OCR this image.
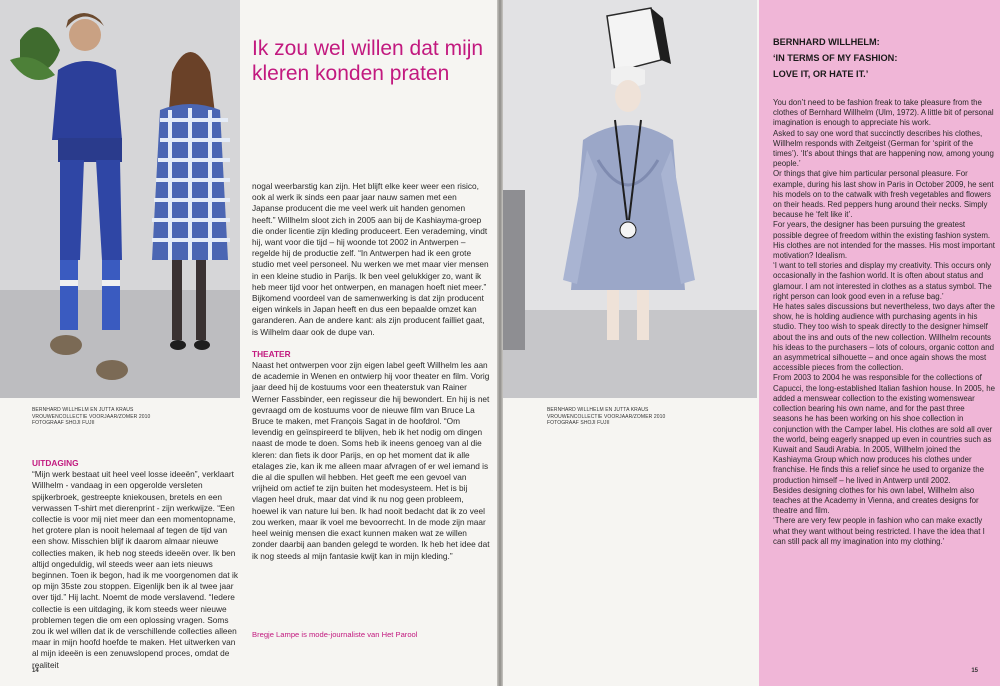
BERNHARD WILLHELM EN JUTTA KRAUS
VROUWENCOLLECTIE VOORJAAR/ZOMER 2010
FOTOGRAAF SHOJI FUJII
Ik zou wel willen dat mijn kleren konden praten
UITDAGING

“Mijn werk bestaat uit heel veel losse ideeën”, verklaart Willhelm - vandaag in een opgerolde versleten spijkerbroek, gestreepte kniekousen, bretels en een verwassen T-shirt met dierenprint - zijn werkwijze. “Een collectie is voor mij niet meer dan een momentopname, het grotere plan is nooit helemaal af tegen de tijd van een show. Misschien blijf ik daarom almaar nieuwe collecties maken, ik heb nog steeds ideeën over. Ik ben altijd ongeduldig, wil steeds weer aan iets nieuws beginnen. Toen ik begon, had ik me voorgenomen dat ik op mijn 35ste zou stoppen. Eigenlijk ben ik al twee jaar over tijd.” Hij lacht. Noemt de mode verslavend. “Iedere collectie is een uitdaging, ik kom steeds weer nieuwe problemen tegen die om een oplossing vragen. Soms zou ik wel willen dat ik de verschillende collecties alleen maar in mijn hoofd hoefde te maken. Het uitwerken van al mijn ideeën is een zenuwslopend proces, omdat de realiteit

nogal weerbarstig kan zijn. Het blijft elke keer weer een risico, ook al werk ik sinds een paar jaar nauw samen met een Japanse producent die me veel werk uit handen genomen heeft.” Willhelm sloot zich in 2005 aan bij de Kashiayma-groep die onder licentie zijn kleding produceert. Een verademing, vindt hij, want voor die tijd – hij woonde tot 2002 in Antwerpen – regelde hij de productie zelf. “In Antwerpen had ik een grote studio met veel personeel. Nu werken we met maar vier mensen in een kleine studio in Parijs. Ik ben veel gelukkiger zo, want ik heb meer tijd voor het ontwerpen, en managen hoeft niet meer.” Bijkomend voordeel van de samenwerking is dat zijn producent eigen winkels in Japan heeft en dus een bepaalde omzet kan garanderen. Aan de andere kant: als zijn producent failliet gaat, is Wilhelm daar ook de dupe van.

THEATER

Naast het ontwerpen voor zijn eigen label geeft Willhelm les aan de academie in Wenen en ontwierp hij voor theater en film. Vorig jaar deed hij de kostuums voor een theaterstuk van Rainer Werner Fassbinder, een regisseur die hij bewondert. En hij is net gevraagd om de kostuums voor de nieuwe film van Bruce La Bruce te maken, met François Sagat in de hoofdrol. “Om levendig en geïnspireerd te blijven, heb ik het nodig om dingen naast de mode te doen. Soms heb ik ineens genoeg van al die kleren: dan fiets ik door Parijs, en op het moment dat ik alle etalages zie, kan ik me alleen maar afvragen of er wel iemand is die al die spullen wil hebben. Het geeft me een gevoel van vrijheid om actief te zijn buiten het modesysteem. Het is bij vlagen heel druk, maar dat vind ik nu nog geen probleem, hoewel ik van nature lui ben. Ik had nooit bedacht dat ik zo veel zou werken, maar ik voel me bevoorrecht. In de mode zijn maar heel weinig mensen die exact kunnen maken wat ze willen zonder daarbij aan banden gelegd te worden. Ik heb het idee dat ik nog steeds al mijn fantasie kwijt kan in mijn kleding.”

Bregje Lampe is mode-journaliste van Het Parool
14
BERNHARD WILLHELM EN JUTTA KRAUS
VROUWENCOLLECTIE VOORJAAR/ZOMER 2010
FOTOGRAAF SHOJI FUJII
BERNHARD WILLHELM:
‘IN TERMS OF MY FASHION:
LOVE IT, OR HATE IT.’

You don’t need to be fashion freak to take pleasure from the clothes of Bernhard Willhelm (Ulm, 1972). A little bit of personal imagination is enough to appreciate his work.

Asked to say one word that succinctly describes his clothes, Willhelm responds with Zeitgeist (German for ‘spirit of the times’). ‘It’s about things that are happening now, among young people.’

Or things that give him particular personal pleasure. For example, during his last show in Paris in October 2009, he sent his models on to the catwalk with fresh vegetables and flowers on their heads. Red peppers hung around their necks. Simply because he ‘felt like it’.

For years, the designer has been pursuing the greatest possible degree of freedom within the existing fashion system. His clothes are not intended for the masses. His most important motivation? Idealism.

‘I want to tell stories and display my creativity. This occurs only occasionally in the fashion world. It is often about status and glamour. I am not interested in clothes as a status symbol. The right person can look good even in a refuse bag.’

He hates sales discussions but nevertheless, two days after the show, he is holding audience with purchasing agents in his studio. They too wish to speak directly to the designer himself about the ins and outs of the new collection. Willhelm recounts his ideas to the purchasers – lots of colours, organic cotton and an asymmetrical silhouette – and once again shows the most accessible pieces from the collection.

From 2003 to 2004 he was responsible for the collections of Capucci, the long-established Italian fashion house. In 2005, he added a menswear collection to the existing womenswear collection bearing his own name, and for the past three seasons he has been working on his shoe collection in conjunction with the Camper label. His clothes are sold all over the world, being eagerly snapped up even in countries such as Kuwait and Saudi Arabia. In 2005, Willhelm joined the Kashiayma Group which now produces his clothes under franchise. He finds this a relief since he used to organize the production himself – he lived in Antwerp until 2002.

Besides designing clothes for his own label, Willhelm also teaches at the Academy in Vienna, and creates designs for theatre and film.

‘There are very few people in fashion who can make exactly what they want without being restricted. I have the idea that I can still pack all my imagination into my clothing.’

15
